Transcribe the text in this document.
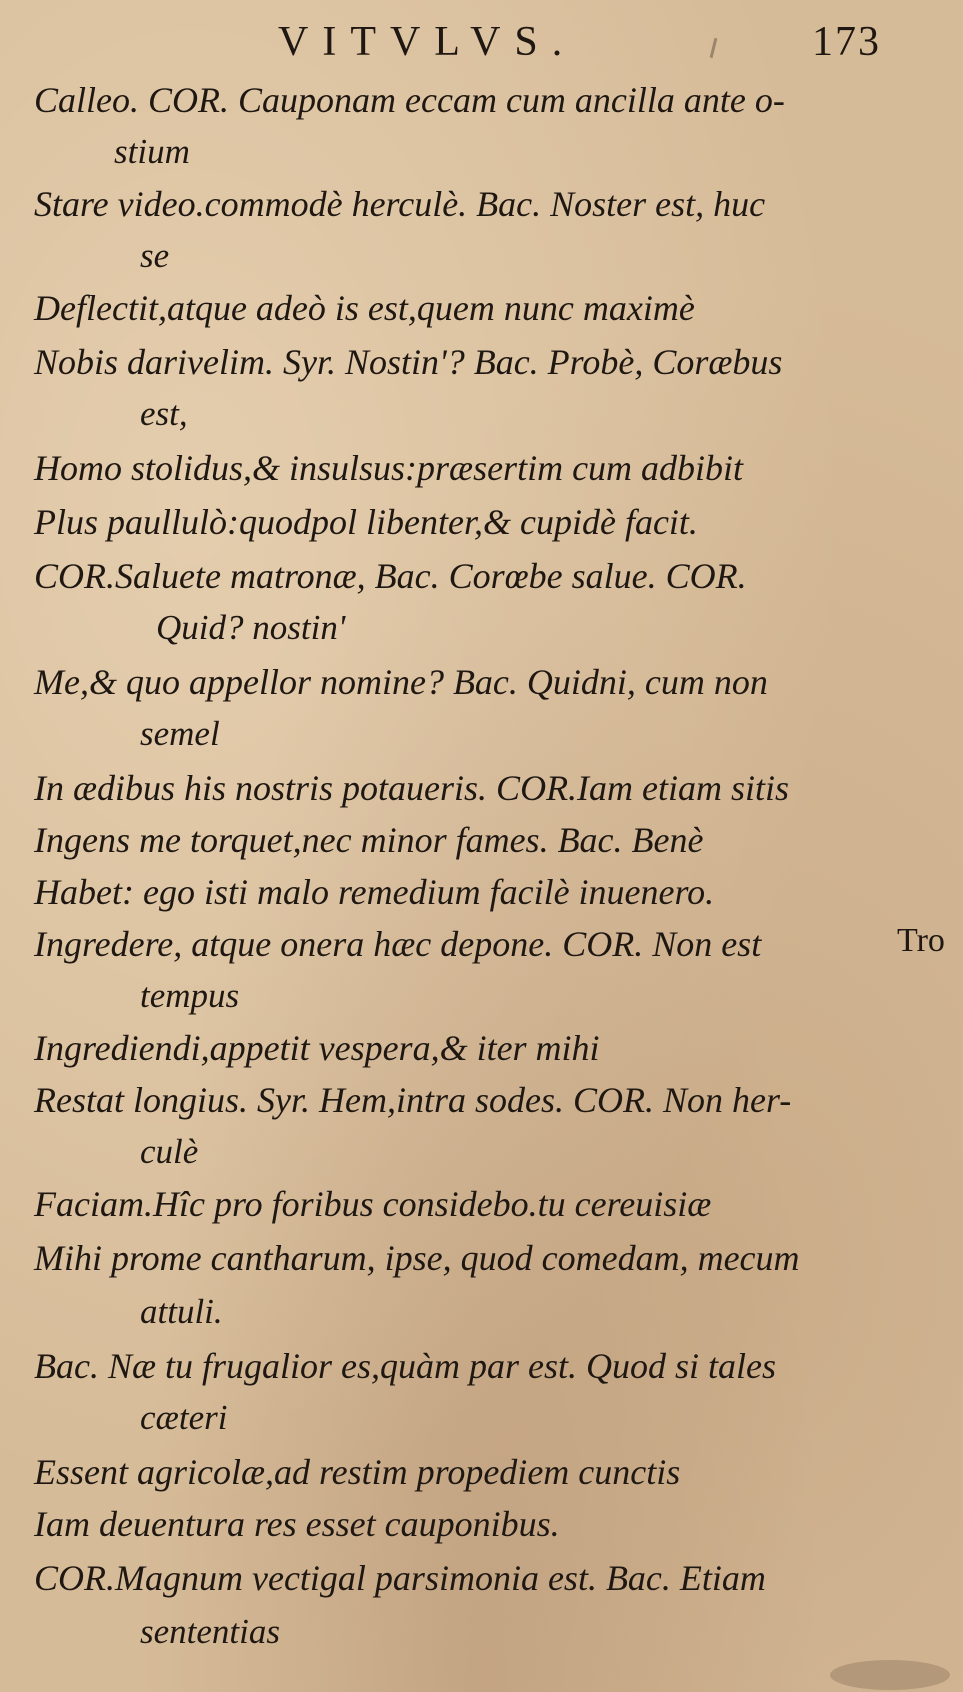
VITVLVS.	173
Calleo. COR. Cauponam eccam cum ancilla ante o-
stium
Stare video.commodè herculè. Bac. Noster est, huc
se
Deflectit,atque adeò is est,quem nunc maximè
Nobis darivelim. Syr. Nostin'? Bac. Probè, Coræbus
est,
Homo stolidus,& insulsus:præsertim cum adbibit
Plus paullulò:quodpol libenter,& cupidè facit.
COR.Saluete matronæ, Bac. Corœbe salue. COR.
Quid? nostin'
Me,& quo appellor nomine? Bac. Quidni, cum non
semel
In ædibus his nostris potaueris. COR.Iam etiam sitis
Ingens me torquet,nec minor fames. Bac. Benè
Habet: ego isti malo remedium facilè inuenero.
Ingredere, atque onera hæc depone. COR. Non est
tempus
Ingrediendi,appetit vespera,& iter mihi
Restat longius. Syr. Hem,intra sodes. COR. Non her-
culè
Faciam.Hîc pro foribus considebo.tu cereuisiæ
Mihi prome cantharum, ipse, quod comedam, mecum
attuli.
Bac. Næ tu frugalior es,quàm par est. Quod si tales
cæteri
Essent agricolæ,ad restim propediem cunctis
Iam deuentura res esset cauponibus.
COR.Magnum vectigal parsimonia est. Bac. Etiam
sententias
Tro
